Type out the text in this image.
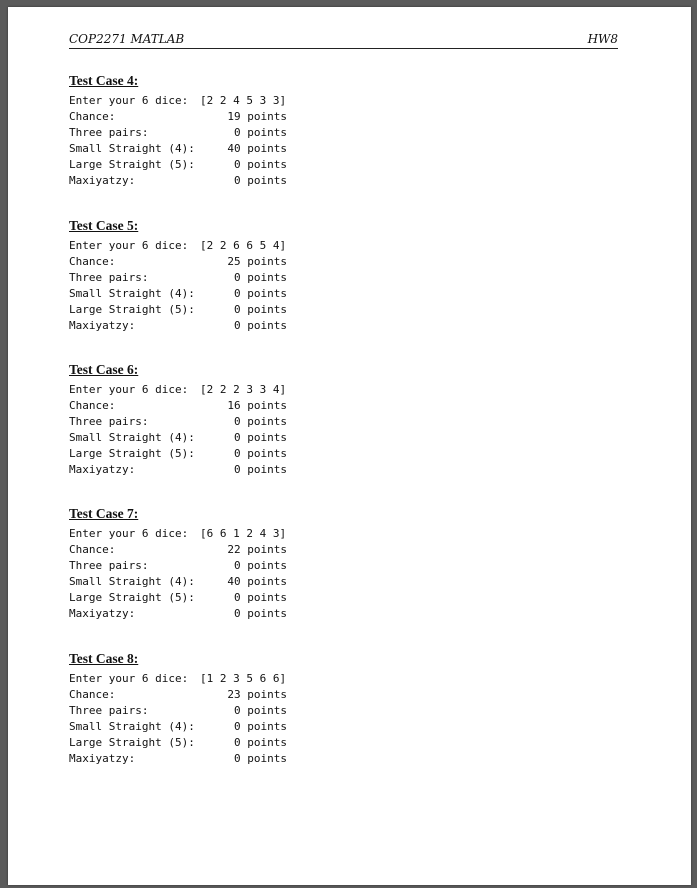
COP2271 MATLAB	HW8
Test Case 4:

Enter your 6 dice:

[2 2 4 5 3 3]

Chance:	19 points
Three pairs:	0 points
Small Straight (4):	40 points
Large Straight (5):	0 points
Maxiyatzy:	0 points
Test Case 5:

Enter your 6 dice:

[2 2 6 6 5 4]

Chance:	25 points
Three pairs:	0 points
Small Straight (4):	0 points
Large Straight (5):	0 points
Maxiyatzy:	0 points
Test Case 6:

Enter your 6 dice:

[2 2 2 3 3 4]

Chance:	16 points
Three pairs:	0 points
Small Straight (4):	0 points
Large Straight (5):	0 points
Maxiyatzy:	0 points
Test Case 7:

Enter your 6 dice:

[6 6 1 2 4 3]

Chance:	22 points
Three pairs:	0 points
Small Straight (4):	40 points
Large Straight (5):	0 points
Maxiyatzy:	0 points
Test Case 8:

Enter your 6 dice:

[1 2 3 5 6 6]

Chance:	23 points
Three pairs:	0 points
Small Straight (4):	0 points
Large Straight (5):	0 points
Maxiyatzy:	0 points
